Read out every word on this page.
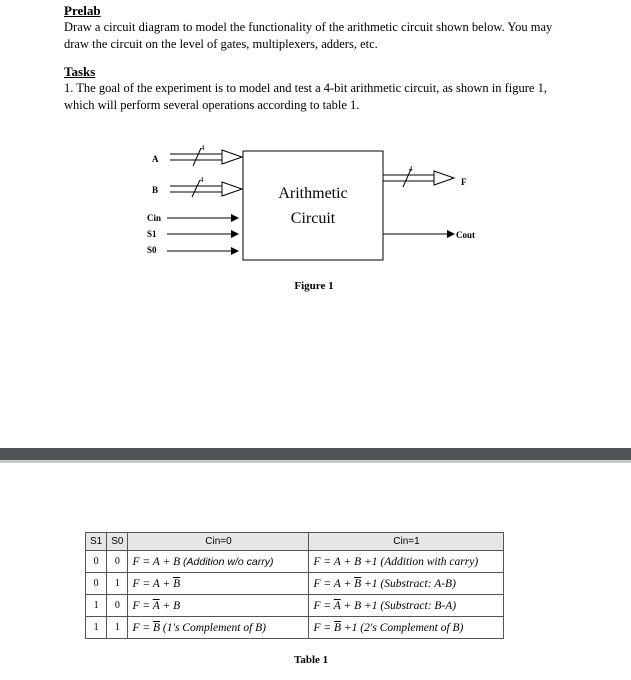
Prelab
Draw a circuit diagram to model the functionality of the arithmetic circuit shown below. You may draw the circuit on the level of gates, multiplexers, adders, etc.
Tasks
1. The goal of the experiment is to model and test a 4-bit arithmetic circuit, as shown in figure 1, which will perform several operations according to table 1.
A
B
Cin
S1
S0
4
4
Arithmetic
Circuit
4
F
Cout
Figure 1
S1	S0	Cin=0	Cin=1
0	0	F = A + B (Addition w/o carry)	F = A + B +1 (Addition with carry)
0	1	$F = A + \overline{B}$	$F = A + \overline{B} +1$ (Substract: A-B)
1	0	$F = \overline{A} + B$	$F = \overline{A} + B +1$ (Substract: B-A)
1	1	$F = \overline{B}$ (1's Complement of B)	$F = \overline{B} +1$ (2's Complement of B)
Table 1
